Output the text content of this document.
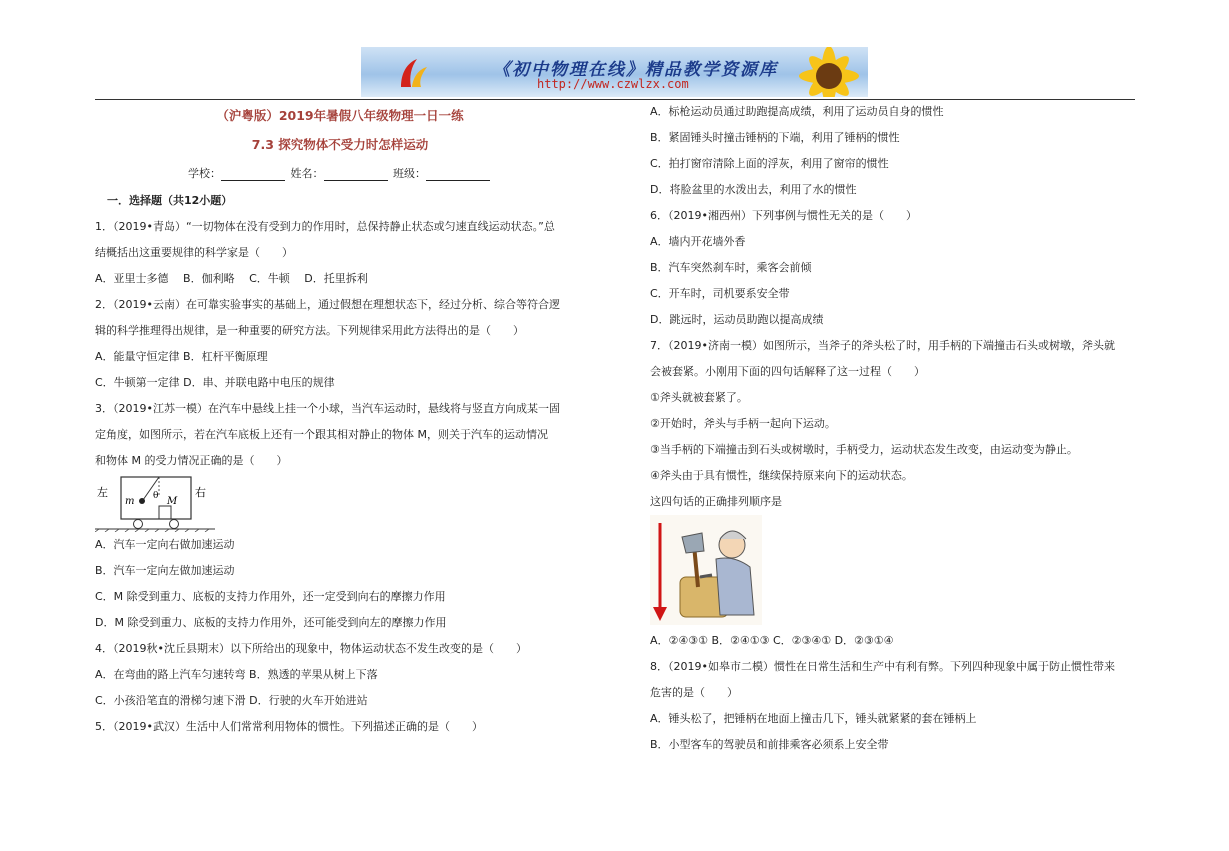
《初中物理在线》精品教学资源库
http://www.czwlzx.com
（沪粤版）2019年暑假八年级物理一日一练
7.3 探究物体不受力时怎样运动
学校：	姓名：	班级：
一．选择题（共12小题）
1．（2019•青岛）“一切物体在没有受到力的作用时，总保持静止状态或匀速直线运动状态。”总
结概括出这重要规律的科学家是（　　）
A．亚里士多德　 B．伽利略　 C．牛顿　 D．托里拆利
2．（2019•云南）在可靠实验事实的基础上，通过假想在理想状态下，经过分析、综合等符合逻
辑的科学推理得出规律，是一种重要的研究方法。下列规律采用此方法得出的是（　　）
A．能量守恒定律 B．杠杆平衡原理
C．牛顿第一定律 D．串、并联电路中电压的规律
3．（2019•江苏一模）在汽车中悬线上挂一个小球，当汽车运动时，悬线将与竖直方向成某一固
定角度，如图所示，若在汽车底板上还有一个跟其相对静止的物体 M，则关于汽车的运动情况
和物体 M 的受力情况正确的是（　　）
左	右
m θ M
A．汽车一定向右做加速运动
B．汽车一定向左做加速运动
C．M 除受到重力、底板的支持力作用外，还一定受到向右的摩擦力作用
D．M 除受到重力、底板的支持力作用外，还可能受到向左的摩擦力作用
4．（2019秋•沈丘县期末）以下所给出的现象中，物体运动状态不发生改变的是（　　）
A．在弯曲的路上汽车匀速转弯 B．熟透的苹果从树上下落
C．小孩沿笔直的滑梯匀速下滑 D．行驶的火车开始进站
5．（2019•武汉）生活中人们常常利用物体的惯性。下列描述正确的是（　　）
A．标枪运动员通过助跑提高成绩，利用了运动员自身的惯性
B．紧固锤头时撞击锤柄的下端，利用了锤柄的惯性
C．拍打窗帘清除上面的浮灰，利用了窗帘的惯性
D．将脸盆里的水泼出去，利用了水的惯性
6．（2019•湘西州）下列事例与惯性无关的是（　　）
A．墙内开花墙外香
B．汽车突然刹车时，乘客会前倾
C．开车时，司机要系安全带
D．跳远时，运动员助跑以提高成绩
7．（2019•济南一模）如图所示，当斧子的斧头松了时，用手柄的下端撞击石头或树墩，斧头就
会被套紧。小刚用下面的四句话解释了这一过程（　　）
①斧头就被套紧了。
②开始时，斧头与手柄一起向下运动。
③当手柄的下端撞击到石头或树墩时，手柄受力，运动状态发生改变，由运动变为静止。
④斧头由于具有惯性，继续保持原来向下的运动状态。
这四句话的正确排列顺序是
A．②④③① B．②④①③ C．②③④① D．②③①④
8．（2019•如皋市二模）惯性在日常生活和生产中有利有弊。下列四种现象中属于防止惯性带来
危害的是（　　）
A．锤头松了，把锤柄在地面上撞击几下，锤头就紧紧的套在锤柄上
B．小型客车的驾驶员和前排乘客必须系上安全带
